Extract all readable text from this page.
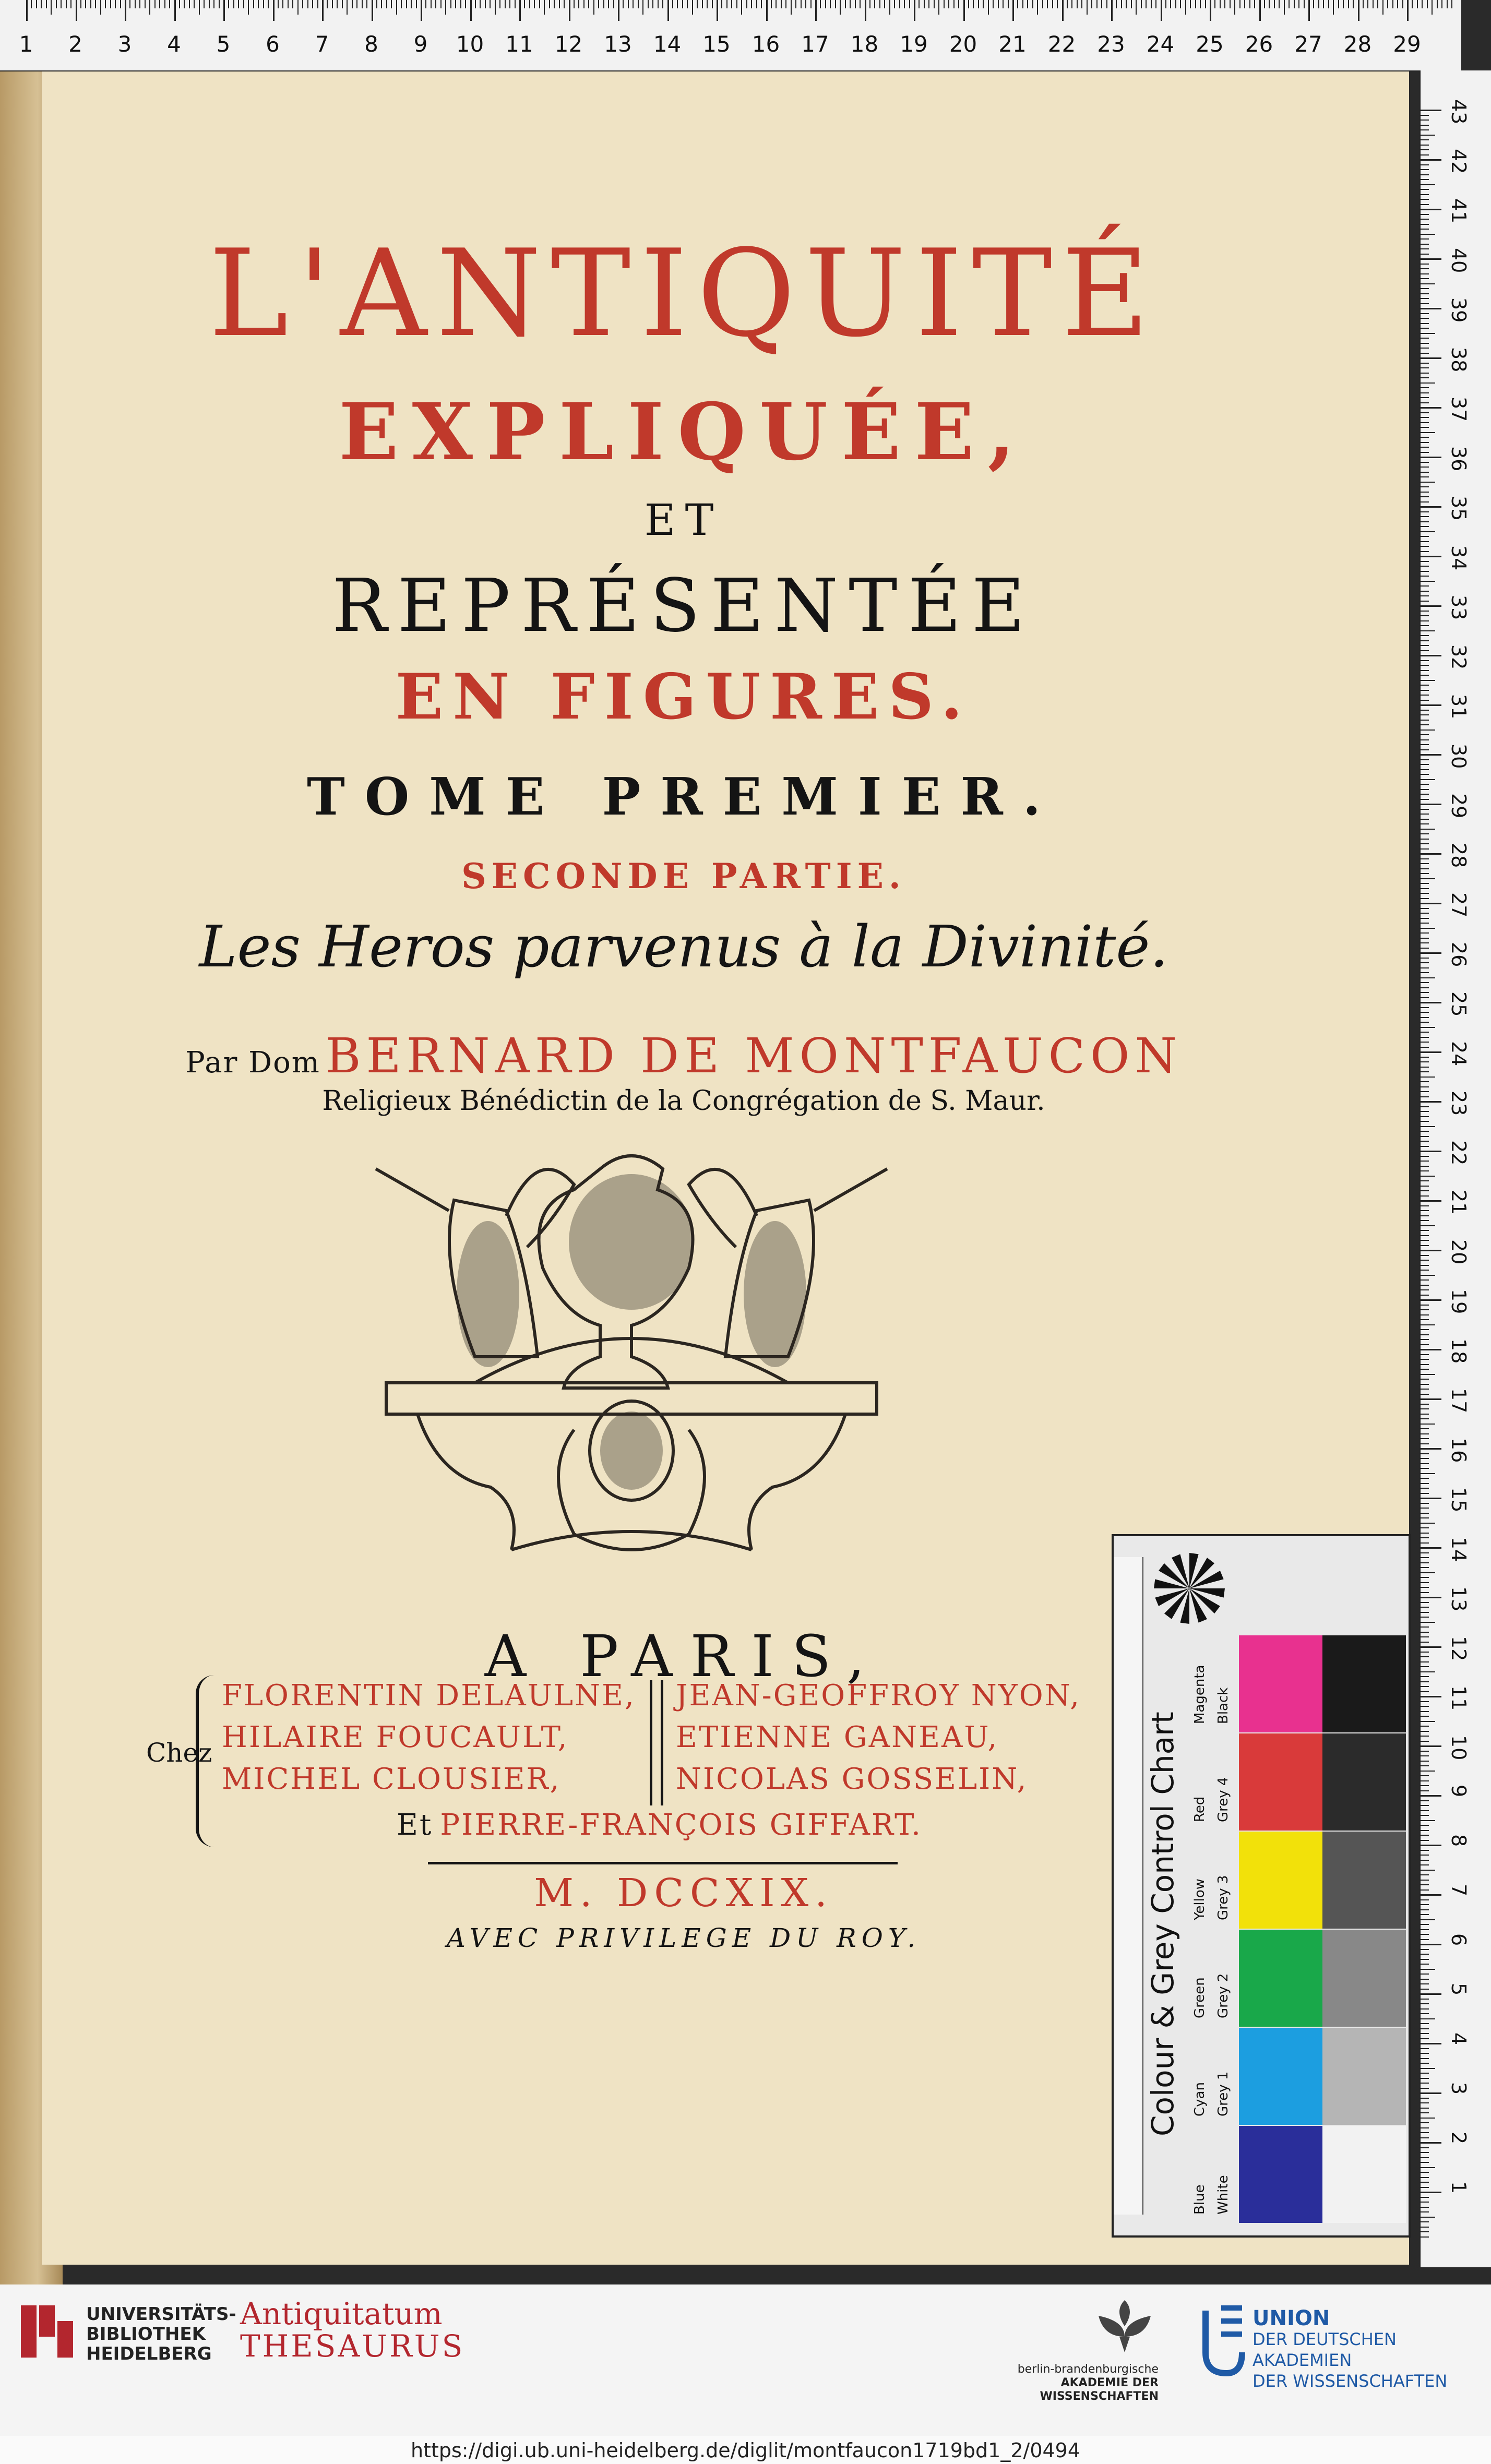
1 2 3 4 5 6 7 8 9 10 11 12 13 14 15 16 17 18 19 20 21 22 23 24 25 26 27 28 29
43
42
41
40
39
38
37
36
35
34
33
32
31
30
29
28
27
26
25
24
23
22
21
20
19
18
17
16
15
14
13
12
11
10
9
8
7
6
5
4
3
2
1
L'ANTIQUITÉ
EXPLIQUÉE,
ET
REPRÉSENTÉE
EN FIGURES.
TOME PREMIER.
SECONDE PARTIE.
Les Heros parvenus à la Divinité.
Par Dom BERNARD DE MONTFAUCON
Religieux Bénédictin de la Congrégation de S. Maur.
A PARIS,
Chez
FLORENTIN DELAULNE,
HILAIRE FOUCAULT,
MICHEL CLOUSIER,
JEAN-GEOFFROY NYON,
ETIENNE GANEAU,
NICOLAS GOSSELIN,
Et PIERRE-FRANÇOIS GIFFART.
M. DCCXIX.
AVEC PRIVILEGE DU ROY.	Colour & Grey Control Chart
Magenta Black
Red Grey 4
Yellow Grey 3
Green Grey 2
Cyan Grey 1
Blue White
UNIVERSITÄTS-
BIBLIOTHEK
HEIDELBERG
Antiquitatum
THESAURUS
berlin-brandenburgische
AKADEMIE DER WISSENSCHAFTEN
UNION
DER DEUTSCHEN AKADEMIEN
DER WISSENSCHAFTEN
https://digi.ub.uni-heidelberg.de/diglit/montfaucon1719bd1_2/0494
